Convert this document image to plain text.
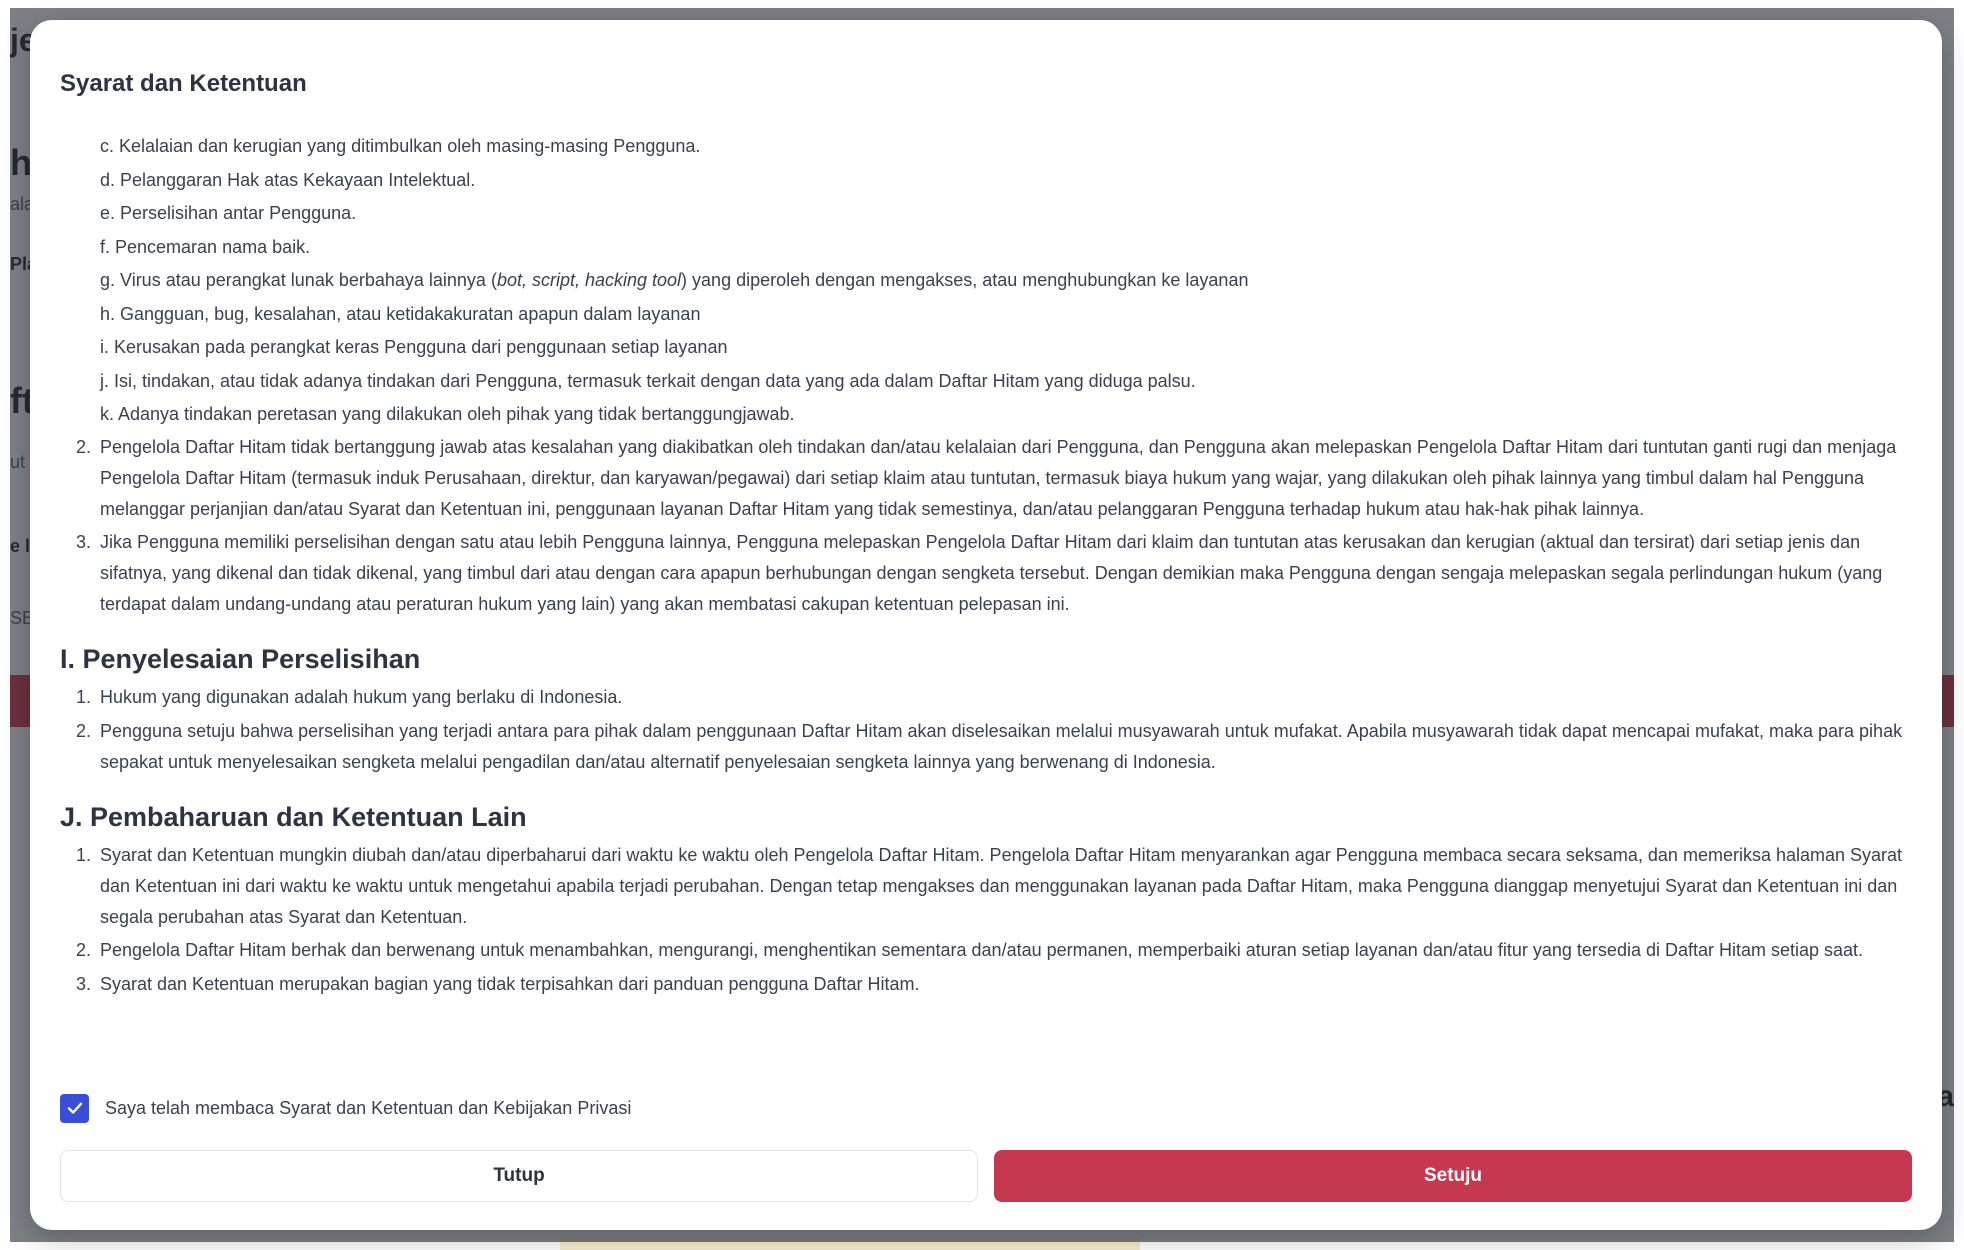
Syarat dan Ketentuan
c. Kelalaian dan kerugian yang ditimbulkan oleh masing-masing Pengguna.
d. Pelanggaran Hak atas Kekayaan Intelektual.
e. Perselisihan antar Pengguna.
f. Pencemaran nama baik.
g. Virus atau perangkat lunak berbahaya lainnya (bot, script, hacking tool) yang diperoleh dengan mengakses, atau menghubungkan ke layanan
h. Gangguan, bug, kesalahan, atau ketidakakuratan apapun dalam layanan
i. Kerusakan pada perangkat keras Pengguna dari penggunaan setiap layanan
j. Isi, tindakan, atau tidak adanya tindakan dari Pengguna, termasuk terkait dengan data yang ada dalam Daftar Hitam yang diduga palsu.
k. Adanya tindakan peretasan yang dilakukan oleh pihak yang tidak bertanggungjawab.
2. Pengelola Daftar Hitam tidak bertanggung jawab atas kesalahan yang diakibatkan oleh tindakan dan/atau kelalaian dari Pengguna, dan Pengguna akan melepaskan Pengelola Daftar Hitam dari tuntutan ganti rugi dan menjaga Pengelola Daftar Hitam (termasuk induk Perusahaan, direktur, dan karyawan/pegawai) dari setiap klaim atau tuntutan, termasuk biaya hukum yang wajar, yang dilakukan oleh pihak lainnya yang timbul dalam hal Pengguna melanggar perjanjian dan/atau Syarat dan Ketentuan ini, penggunaan layanan Daftar Hitam yang tidak semestinya, dan/atau pelanggaran Pengguna terhadap hukum atau hak-hak pihak lainnya.
3. Jika Pengguna memiliki perselisihan dengan satu atau lebih Pengguna lainnya, Pengguna melepaskan Pengelola Daftar Hitam dari klaim dan tuntutan atas kerusakan dan kerugian (aktual dan tersirat) dari setiap jenis dan sifatnya, yang dikenal dan tidak dikenal, yang timbul dari atau dengan cara apapun berhubungan dengan sengketa tersebut. Dengan demikian maka Pengguna dengan sengaja melepaskan segala perlindungan hukum (yang terdapat dalam undang-undang atau peraturan hukum yang lain) yang akan membatasi cakupan ketentuan pelepasan ini.
I. Penyelesaian Perselisihan
1. Hukum yang digunakan adalah hukum yang berlaku di Indonesia.
2. Pengguna setuju bahwa perselisihan yang terjadi antara para pihak dalam penggunaan Daftar Hitam akan diselesaikan melalui musyawarah untuk mufakat. Apabila musyawarah tidak dapat mencapai mufakat, maka para pihak sepakat untuk menyelesaikan sengketa melalui pengadilan dan/atau alternatif penyelesaian sengketa lainnya yang berwenang di Indonesia.
J. Pembaharuan dan Ketentuan Lain
1. Syarat dan Ketentuan mungkin diubah dan/atau diperbaharui dari waktu ke waktu oleh Pengelola Daftar Hitam. Pengelola Daftar Hitam menyarankan agar Pengguna membaca secara seksama, dan memeriksa halaman Syarat dan Ketentuan ini dari waktu ke waktu untuk mengetahui apabila terjadi perubahan. Dengan tetap mengakses dan menggunakan layanan pada Daftar Hitam, maka Pengguna dianggap menyetujui Syarat dan Ketentuan ini dan segala perubahan atas Syarat dan Ketentuan.
2. Pengelola Daftar Hitam berhak dan berwenang untuk menambahkan, mengurangi, menghentikan sementara dan/atau permanen, memperbaiki aturan setiap layanan dan/atau fitur yang tersedia di Daftar Hitam setiap saat.
3. Syarat dan Ketentuan merupakan bagian yang tidak terpisahkan dari panduan pengguna Daftar Hitam.
Saya telah membaca Syarat dan Ketentuan dan Kebijakan Privasi
Tutup	Setuju
